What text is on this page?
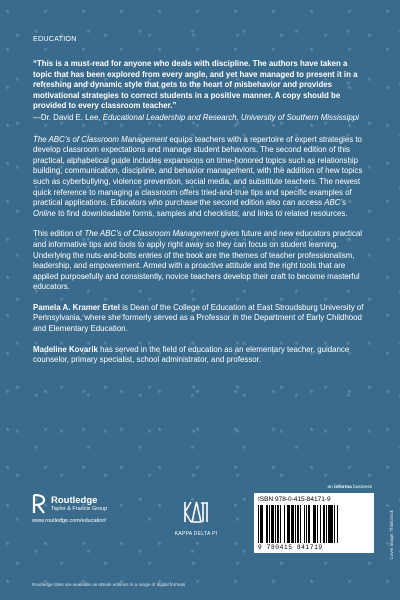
EDUCATION
“This is a must-read for anyone who deals with discipline. The authors have taken a topic that has been explored from every angle, and yet have managed to present it in a refreshing and dynamic style that gets to the heart of misbehavior and provides motivational strategies to correct students in a positive manner. A copy should be provided to every classroom teacher.”
—Dr. David E. Lee, Educational Leadership and Research, University of Southern Mississippi

The ABC’s of Classroom Management equips teachers with a repertoire of expert strategies to develop classroom expectations and manage student behaviors. The second edition of this practical, alphabetical guide includes expansions on time-honored topics such as relationship building, communication, discipline, and behavior management, with the addition of new topics such as cyberbullying, violence prevention, social media, and substitute teachers. The newest quick reference to managing a classroom offers tried-and-true tips and specific examples of practical applications. Educators who purchase the second edition also can access ABC’s Online to find downloadable forms, samples and checklists, and links to related resources.

This edition of The ABC’s of Classroom Management gives future and new educators practical and informative tips and tools to apply right away so they can focus on student learning. Underlying the nuts-and-bolts entries of the book are the themes of teacher professionalism, leadership, and empowerment. Armed with a proactive attitude and the right tools that are applied purposefully and consistently, novice teachers develop their craft to become masterful educators.

Pamela A. Kramer Ertel is Dean of the College of Education at East Stroudsburg University of Pennsylvania, where she formerly served as a Professor in the Department of Early Childhood and Elementary Education.

Madeline Kovarik has served in the field of education as an elementary teacher, guidance counselor, primary specialist, school administrator, and professor.

Cover image: Thinkstock
Routledge
Taylor & Francis Group
www.routledge.com/education
KAPPA DELTA PI
an informa business
ISBN 978-0-415-84171-9
9 780415 841719
Routledge titles are available as eBook editions in a range of digital formats
